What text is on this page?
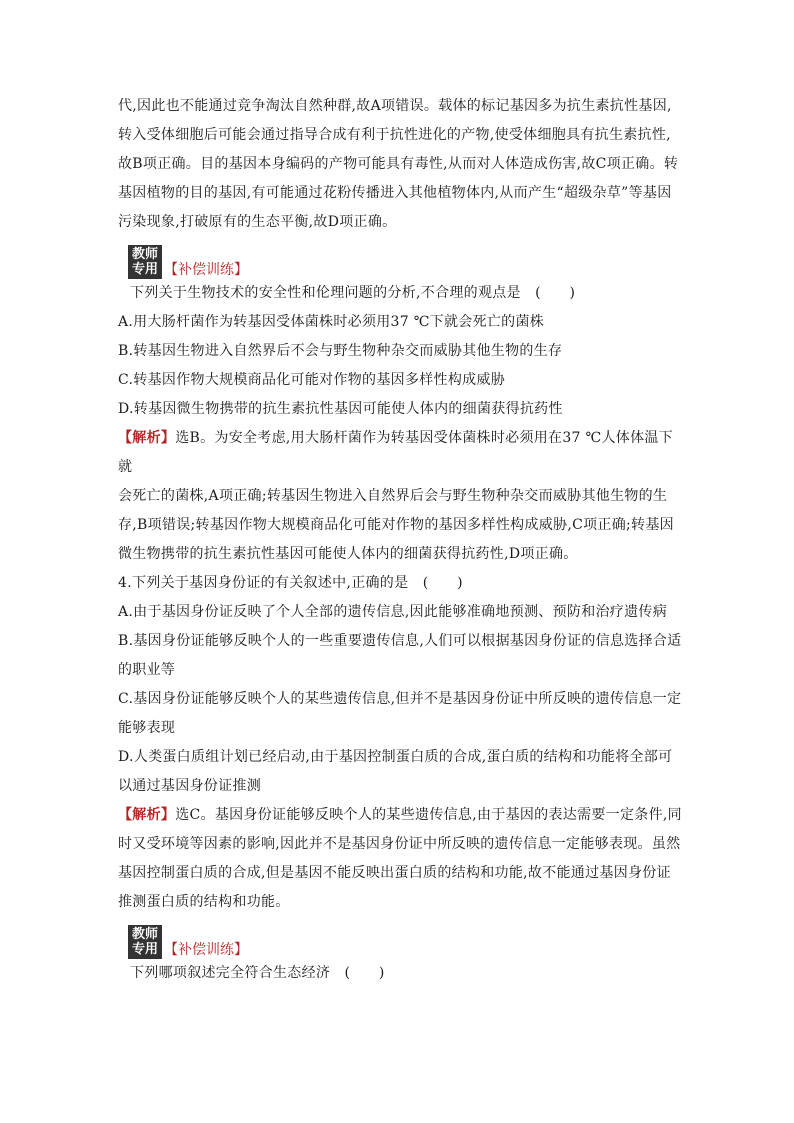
代,因此也不能通过竞争淘汰自然种群,故A项错误。载体的标记基因多为抗生素抗性基因,

转入受体细胞后可能会通过指导合成有利于抗性进化的产物,使受体细胞具有抗生素抗性,

故B项正确。目的基因本身编码的产物可能具有毒性,从而对人体造成伤害,故C项正确。转

基因植物的目的基因,有可能通过花粉传播进入其他植物体内,从而产生“超级杂草”等基因

污染现象,打破原有的生态平衡,故D项正确。

教师
专用 【补偿训练】

下列关于生物技术的安全性和伦理问题的分析,不合理的观点是　(　　)

A.用大肠杆菌作为转基因受体菌株时必须用37 ℃下就会死亡的菌株

B.转基因生物进入自然界后不会与野生物种杂交而威胁其他生物的生存

C.转基因作物大规模商品化可能对作物的基因多样性构成威胁

D.转基因微生物携带的抗生素抗性基因可能使人体内的细菌获得抗药性

【解析】选B。为安全考虑,用大肠杆菌作为转基因受体菌株时必须用在37 ℃人体体温下就

会死亡的菌株,A项正确;转基因生物进入自然界后会与野生物种杂交而威胁其他生物的生

存,B项错误;转基因作物大规模商品化可能对作物的基因多样性构成威胁,C项正确;转基因

微生物携带的抗生素抗性基因可能使人体内的细菌获得抗药性,D项正确。

4.下列关于基因身份证的有关叙述中,正确的是　(　　)

A.由于基因身份证反映了个人全部的遗传信息,因此能够准确地预测、预防和治疗遗传病

B.基因身份证能够反映个人的一些重要遗传信息,人们可以根据基因身份证的信息选择合适

的职业等

C.基因身份证能够反映个人的某些遗传信息,但并不是基因身份证中所反映的遗传信息一定

能够表现

D.人类蛋白质组计划已经启动,由于基因控制蛋白质的合成,蛋白质的结构和功能将全部可

以通过基因身份证推测

【解析】选C。基因身份证能够反映个人的某些遗传信息,由于基因的表达需要一定条件,同

时又受环境等因素的影响,因此并不是基因身份证中所反映的遗传信息一定能够表现。虽然

基因控制蛋白质的合成,但是基因不能反映出蛋白质的结构和功能,故不能通过基因身份证

推测蛋白质的结构和功能。

教师
专用 【补偿训练】

下列哪项叙述完全符合生态经济　(　　)
